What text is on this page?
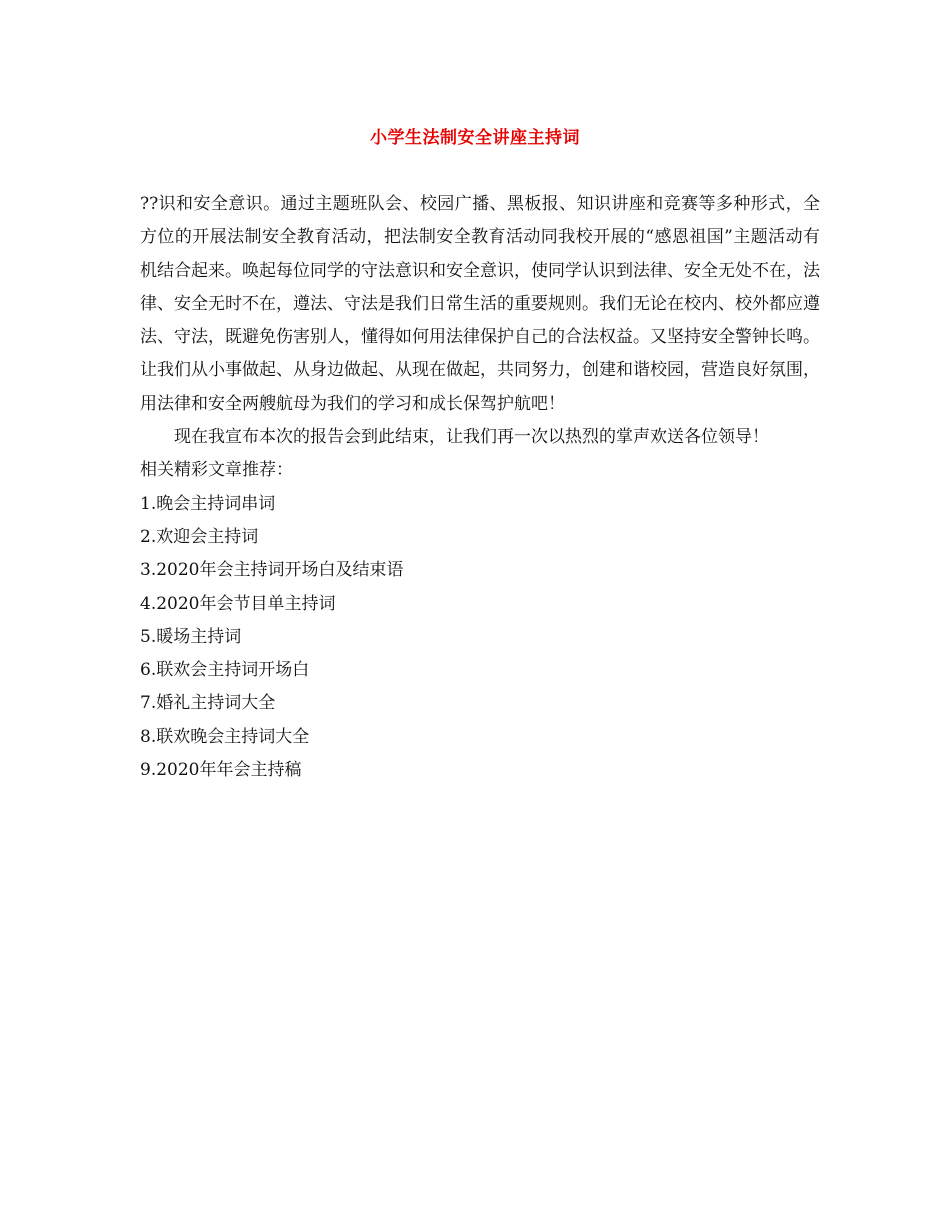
小学生法制安全讲座主持词

??识和安全意识。通过主题班队会、校园广播、黑板报、知识讲座和竞赛等多种形式，全方位的开展法制安全教育活动，把法制安全教育活动同我校开展的“感恩祖国”主题活动有机结合起来。唤起每位同学的守法意识和安全意识，使同学认识到法律、安全无处不在，法律、安全无时不在，遵法、守法是我们日常生活的重要规则。我们无论在校内、校外都应遵法、守法，既避免伤害别人，懂得如何用法律保护自己的合法权益。又坚持安全警钟长鸣。让我们从小事做起、从身边做起、从现在做起，共同努力，创建和谐校园，营造良好氛围，用法律和安全两艘航母为我们的学习和成长保驾护航吧！

现在我宣布本次的报告会到此结束，让我们再一次以热烈的掌声欢送各位领导！

相关精彩文章推荐：

1.晚会主持词串词

2.欢迎会主持词

3.2020年会主持词开场白及结束语

4.2020年会节目单主持词

5.暖场主持词

6.联欢会主持词开场白

7.婚礼主持词大全

8.联欢晚会主持词大全

9.2020年年会主持稿
